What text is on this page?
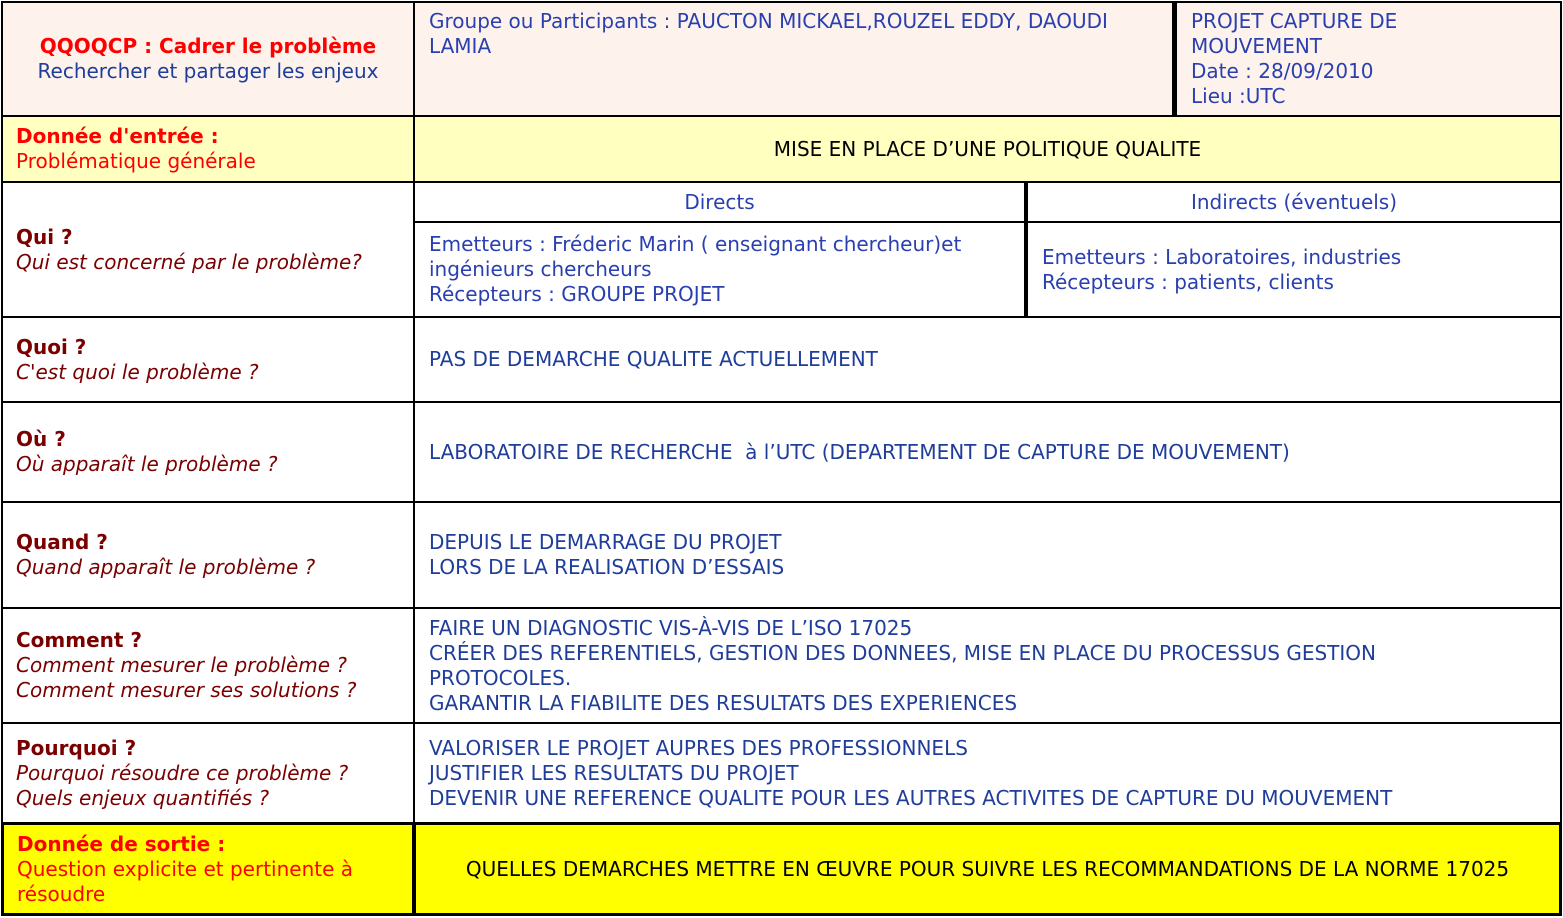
QQOQCP : Cadrer le problème
Rechercher et partager les enjeux
Groupe ou Participants : PAUCTON MICKAEL,ROUZEL EDDY, DAOUDI LAMIA
PROJET CAPTURE DE
MOUVEMENT
Date : 28/09/2010
Lieu :UTC
Donnée d'entrée :
Problématique générale
MISE EN PLACE D’UNE POLITIQUE QUALITE
Qui ?
Qui est concerné par le problème?
Directs	Indirects (éventuels)
Emetteurs : Fréderic Marin ( enseignant chercheur)et
ingénieurs chercheurs
Récepteurs : GROUPE PROJET
Emetteurs : Laboratoires, industries
Récepteurs : patients, clients
Quoi ?
C'est quoi le problème ?
PAS DE DEMARCHE QUALITE ACTUELLEMENT
Où ?
Où apparaît le problème ?
LABORATOIRE DE RECHERCHE  à l’UTC (DEPARTEMENT DE CAPTURE DE MOUVEMENT)
Quand ?
Quand apparaît le problème ?
DEPUIS LE DEMARRAGE DU PROJET
LORS DE LA REALISATION D’ESSAIS
Comment ?
Comment mesurer le problème ?
Comment mesurer ses solutions ?
FAIRE UN DIAGNOSTIC VIS-À-VIS DE L’ISO 17025
CRÉER DES REFERENTIELS, GESTION DES DONNEES, MISE EN PLACE DU PROCESSUS GESTION
PROTOCOLES.
GARANTIR LA FIABILITE DES RESULTATS DES EXPERIENCES
Pourquoi ?
Pourquoi résoudre ce problème ?
Quels enjeux quantifiés ?
VALORISER LE PROJET AUPRES DES PROFESSIONNELS
JUSTIFIER LES RESULTATS DU PROJET
DEVENIR UNE REFERENCE QUALITE POUR LES AUTRES ACTIVITES DE CAPTURE DU MOUVEMENT
Donnée de sortie :
Question explicite et pertinente à
résoudre
QUELLES DEMARCHES METTRE EN ŒUVRE POUR SUIVRE LES RECOMMANDATIONS DE LA NORME 17025
